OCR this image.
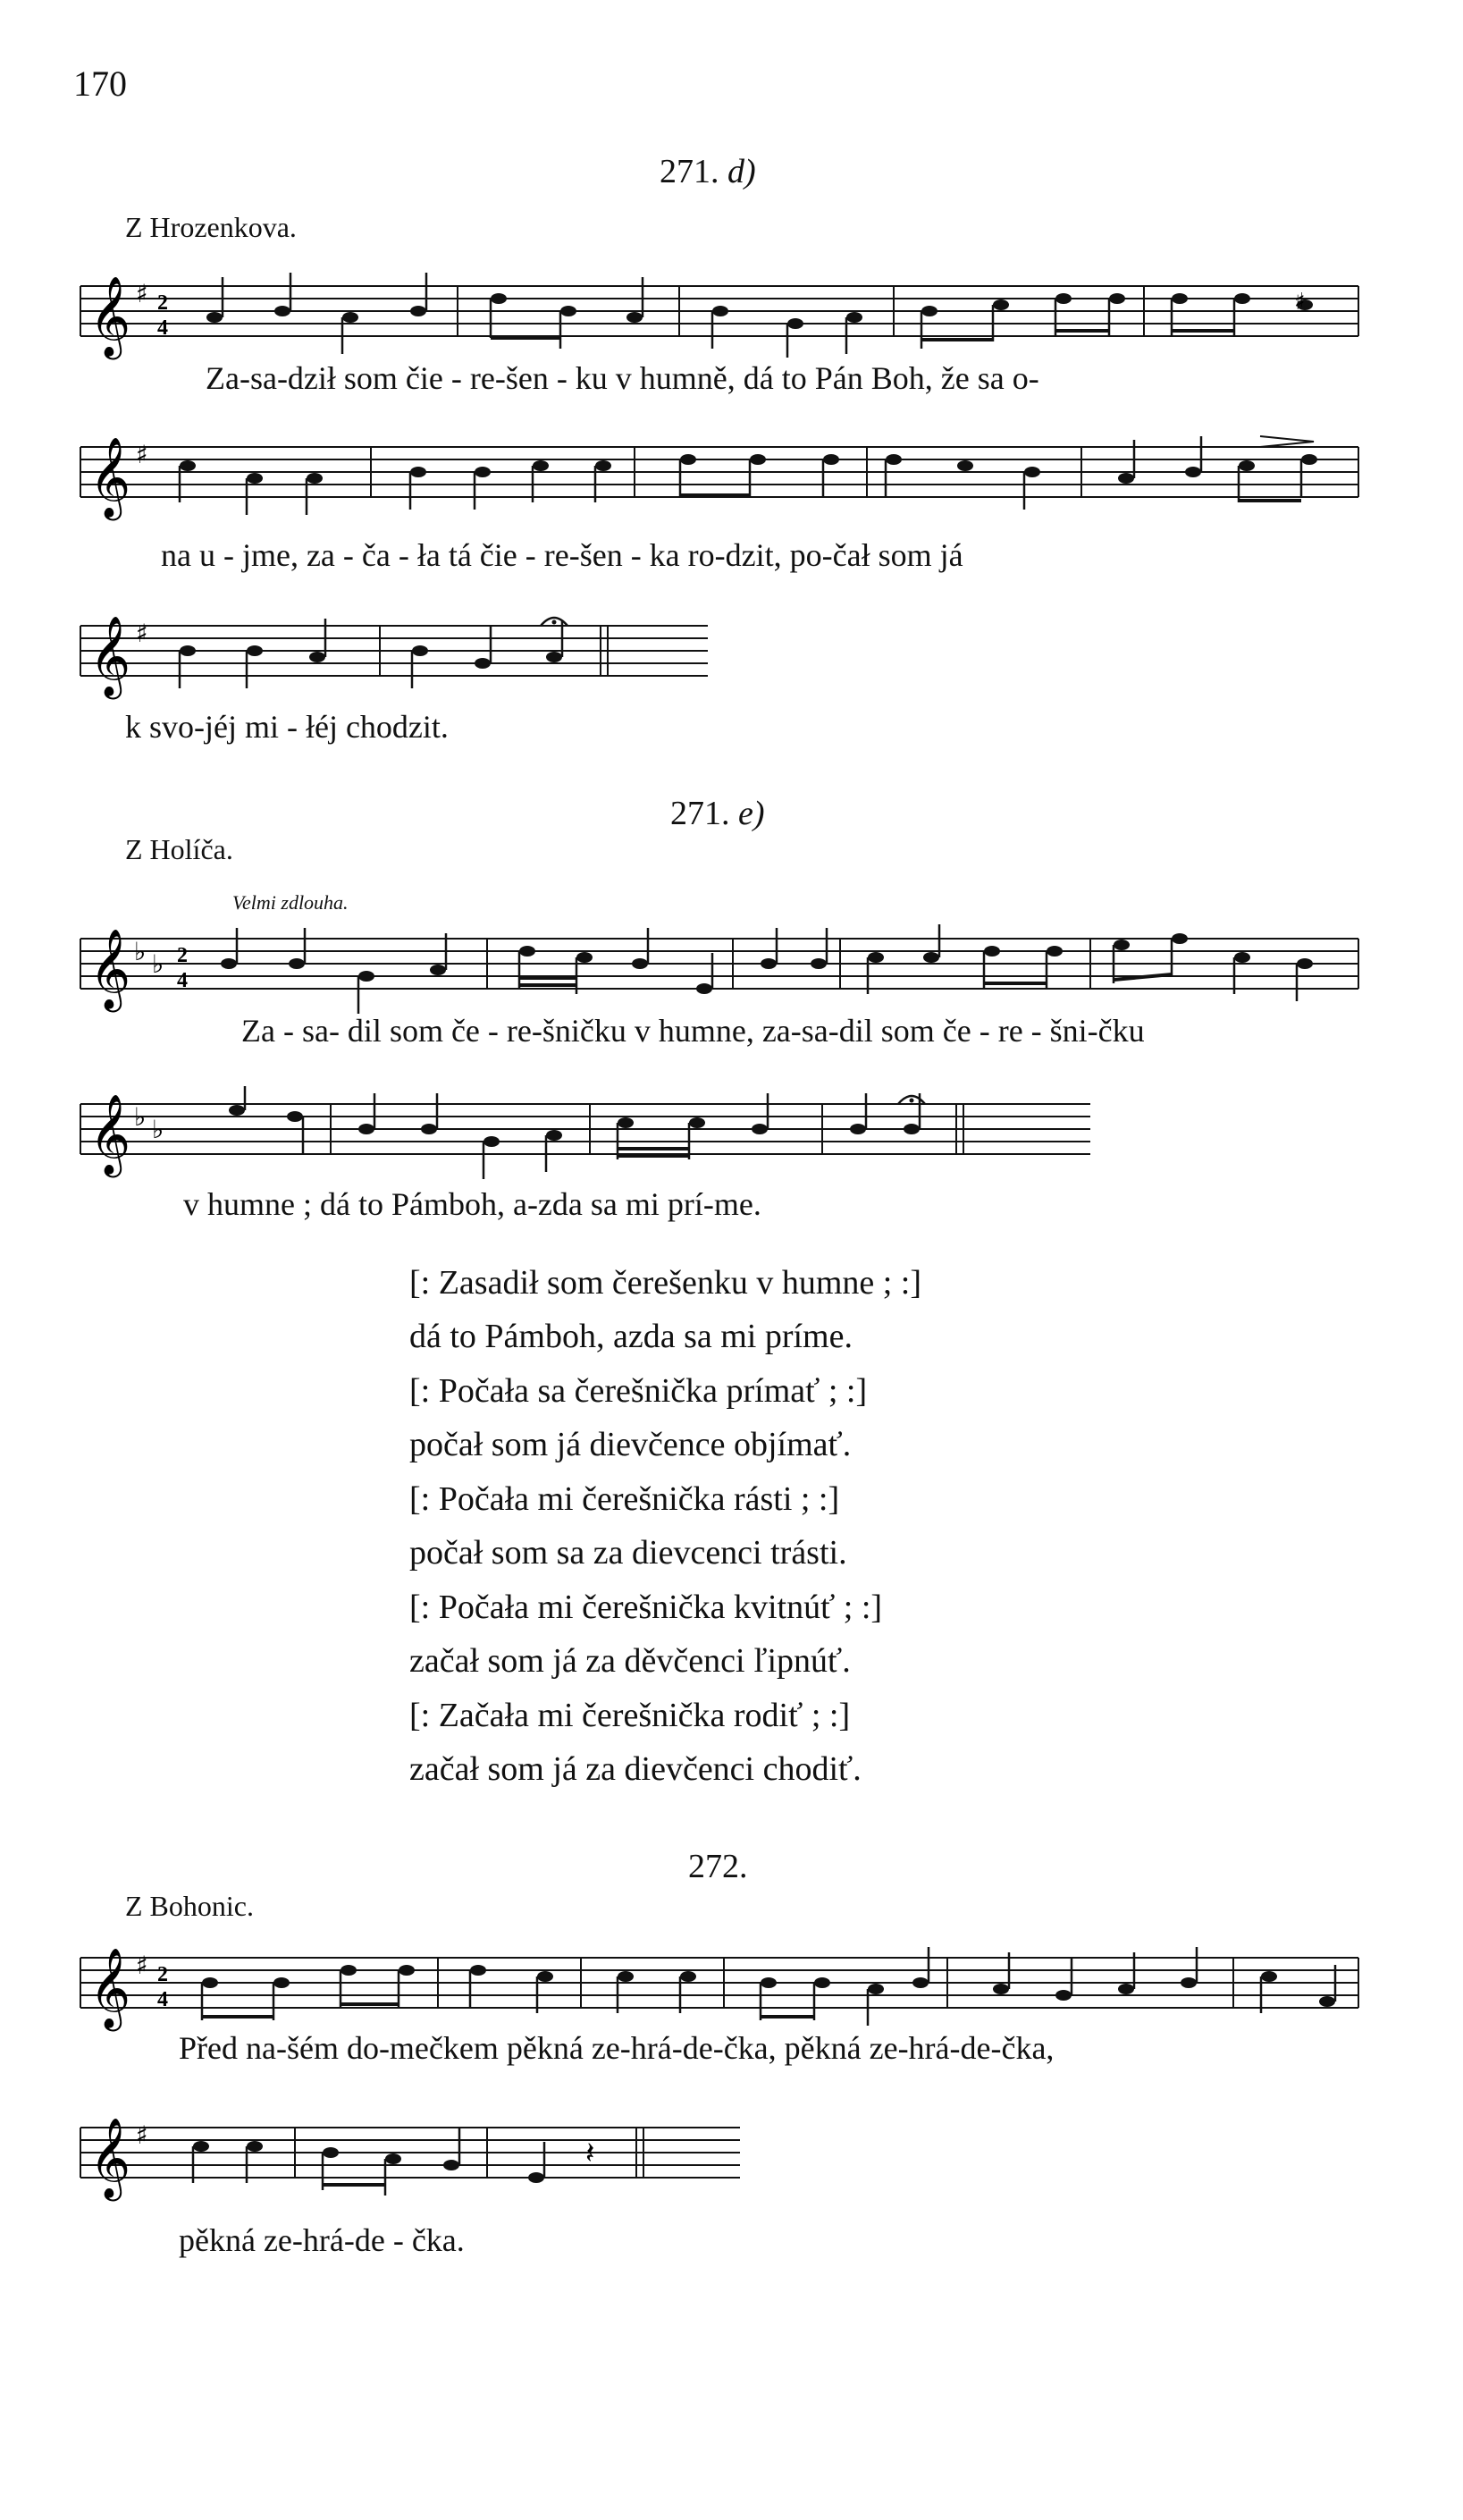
170
271. d)
Z Hrozenkova.
𝄞 ♯ 2
4
♯
Za-sa-dził som čie - re-šen - ku v humně, dá to Pán Boh, že sa o-
𝄞 ♯
na u - jme, za - ča - ła tá čie - re-šen - ka ro-dzit, po-čał som já
𝄞 ♯
k svo-jéj mi - łéj chodzit.
271. e)
Z Holíča.
Velmi zdlouha.
𝄞 ♭ ♭ 2
4
Za - sa- dil som če - re-šničku v humne, za-sa-dil som če - re - šni-čku
𝄞 ♭ ♭
v humne ; dá to Pámboh, a-zda sa mi prí-me.
[: Zasadił som čerešenku v humne ; :]
dá to Pámboh, azda sa mi príme.
[: Počała sa čerešnička prímať ; :]
počał som já dievčence objímať.
[: Počała mi čerešnička rásti ; :]
počał som sa za dievcenci trásti.
[: Počała mi čerešnička kvitnúť ; :]
začał som já za děvčenci ľipnúť.
[: Začała mi čerešnička rodiť ; :]
začał som já za dievčenci chodiť.
272.
Z Bohonic.
𝄞 ♯ 2
4
Před na-šém do-mečkem pěkná ze-hrá-de-čka, pěkná ze-hrá-de-čka,
𝄞 ♯
𝄽
pěkná ze-hrá-de - čka.
